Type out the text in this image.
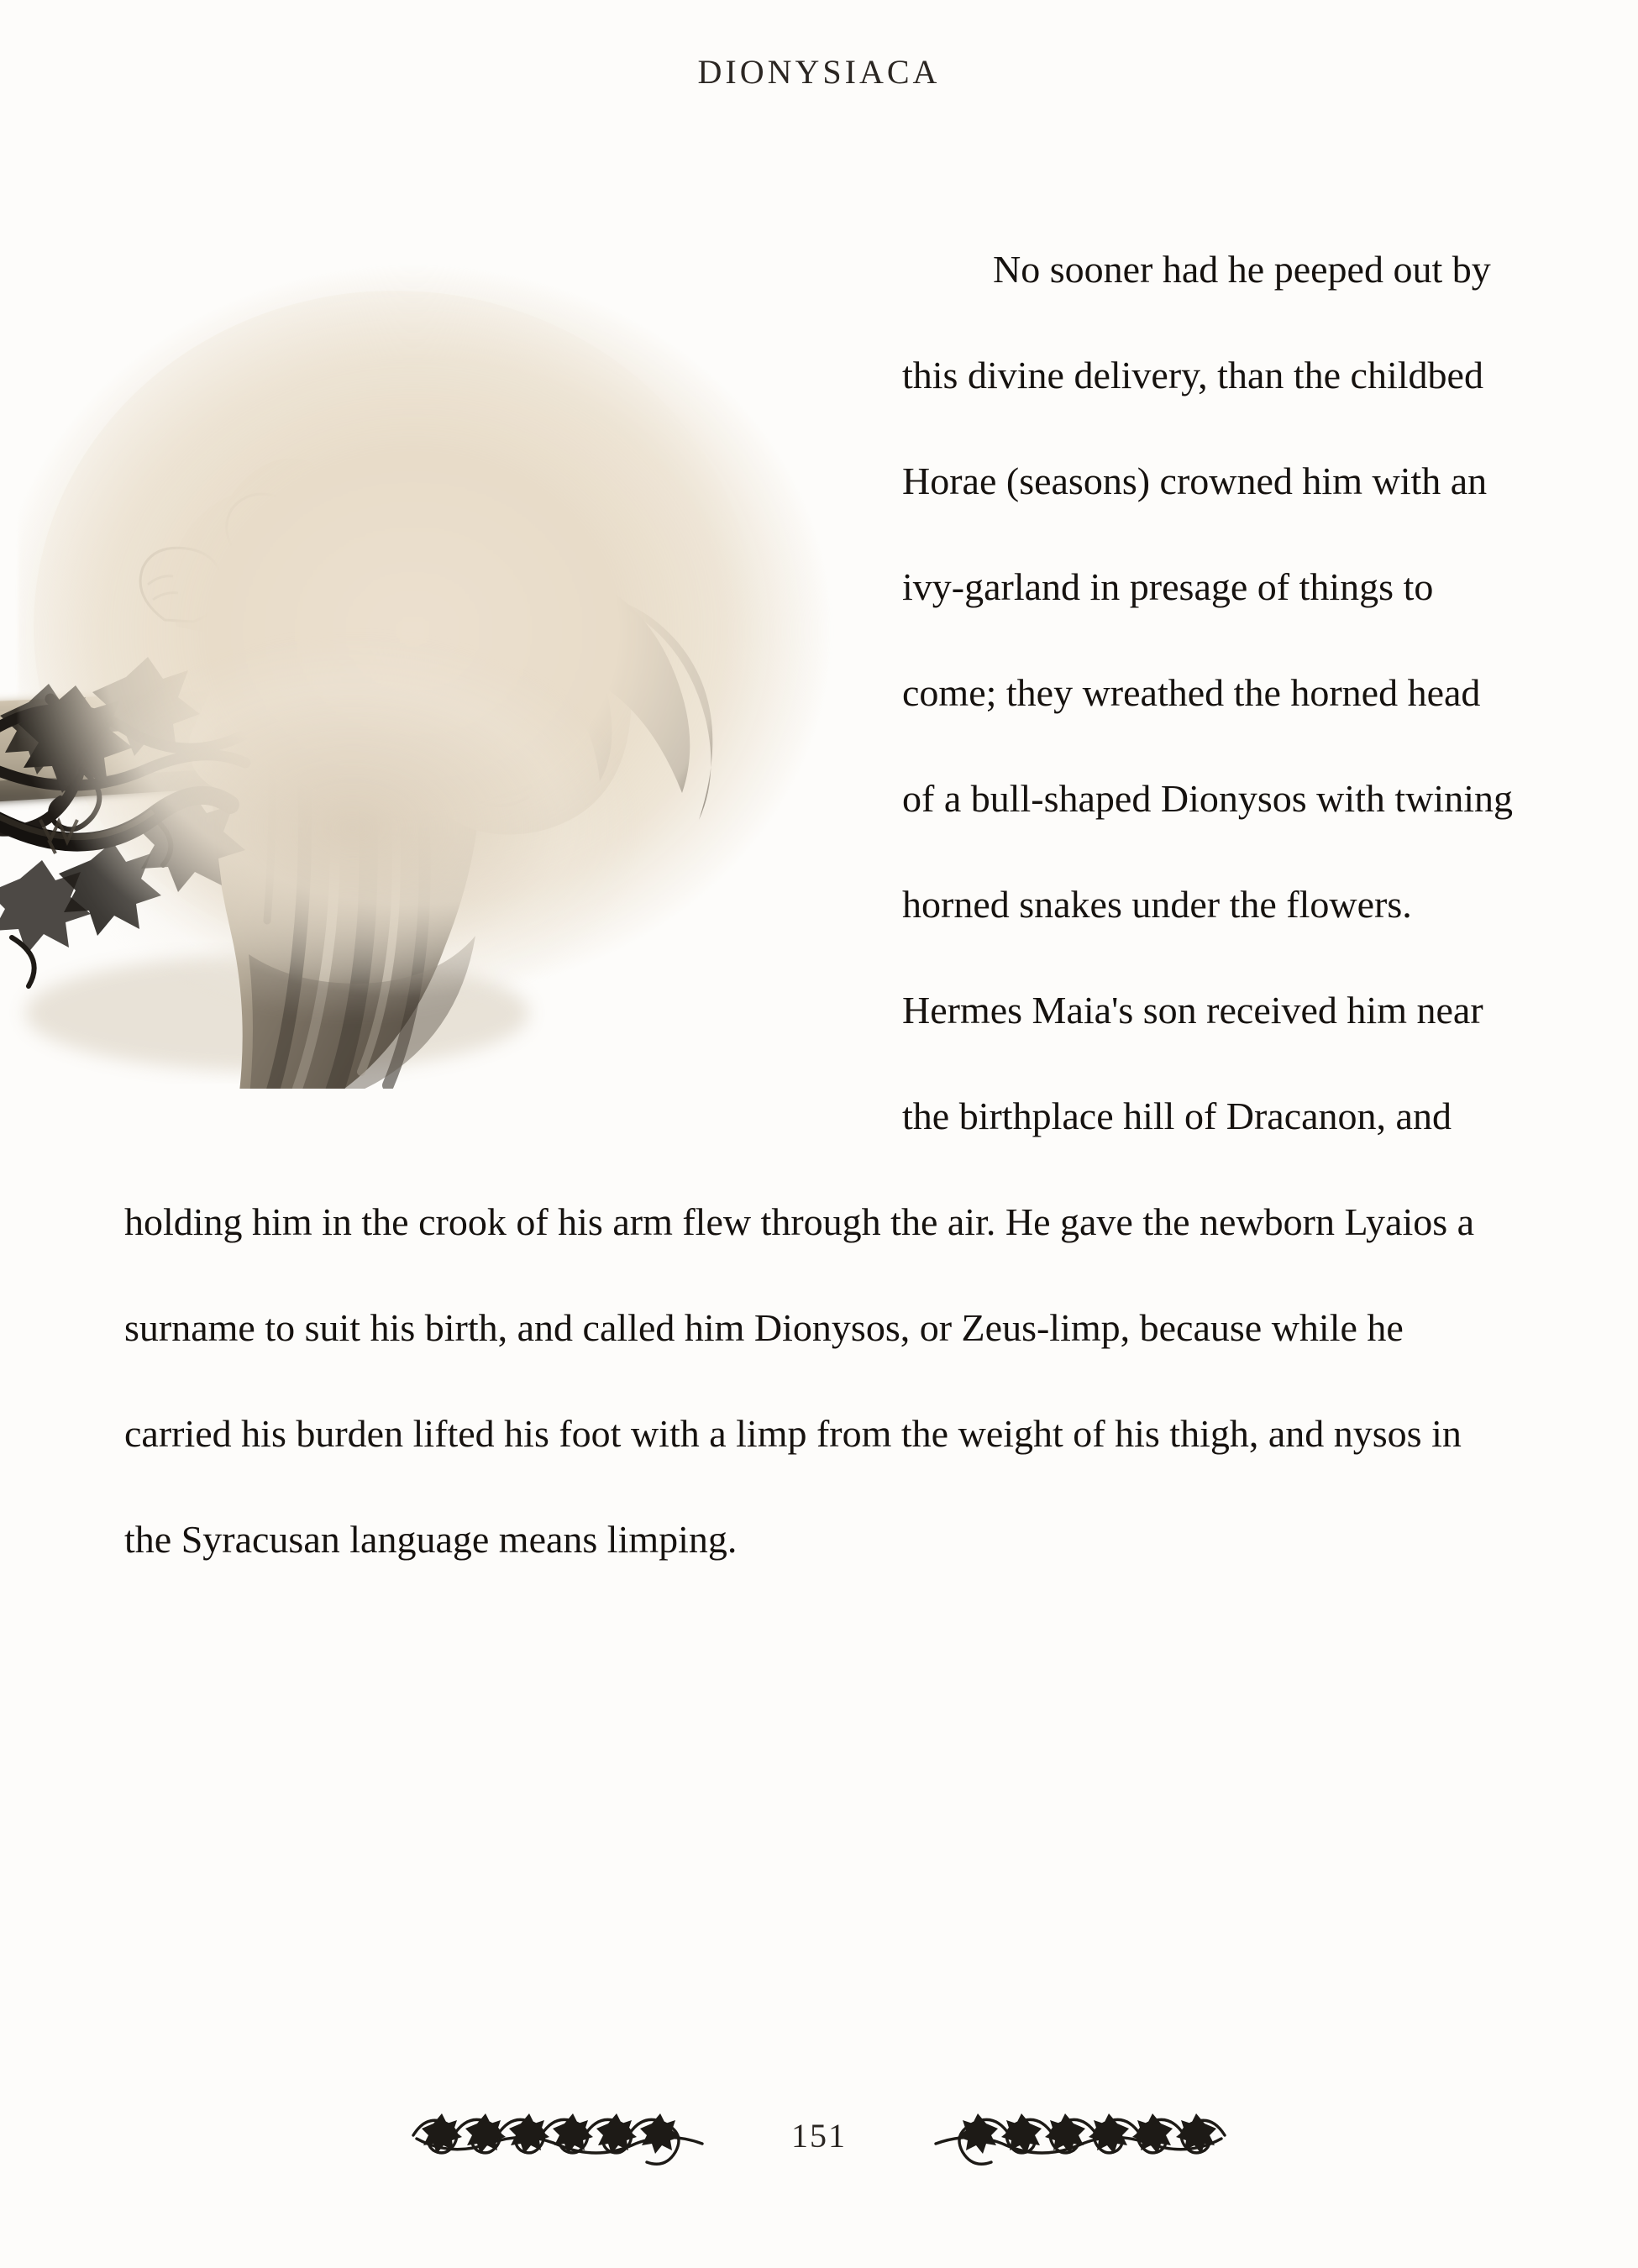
DIONYSIACA

No sooner had he peeped out by this divine delivery, than the childbed Horae (seasons) crowned him with an ivy-garland in presage of things to come; they wreathed the horned head of a bull-shaped Dionysos with twining horned snakes under the flowers. Hermes Maia's son received him near the birthplace hill of Dracanon, and holding him in the crook of his arm flew through the air. He gave the newborn Lyaios a surname to suit his birth, and called him Dionysos, or Zeus-limp, because while he carried his burden lifted his foot with a limp from the weight of his thigh, and nysos in the Syracusan language means limping.

151
